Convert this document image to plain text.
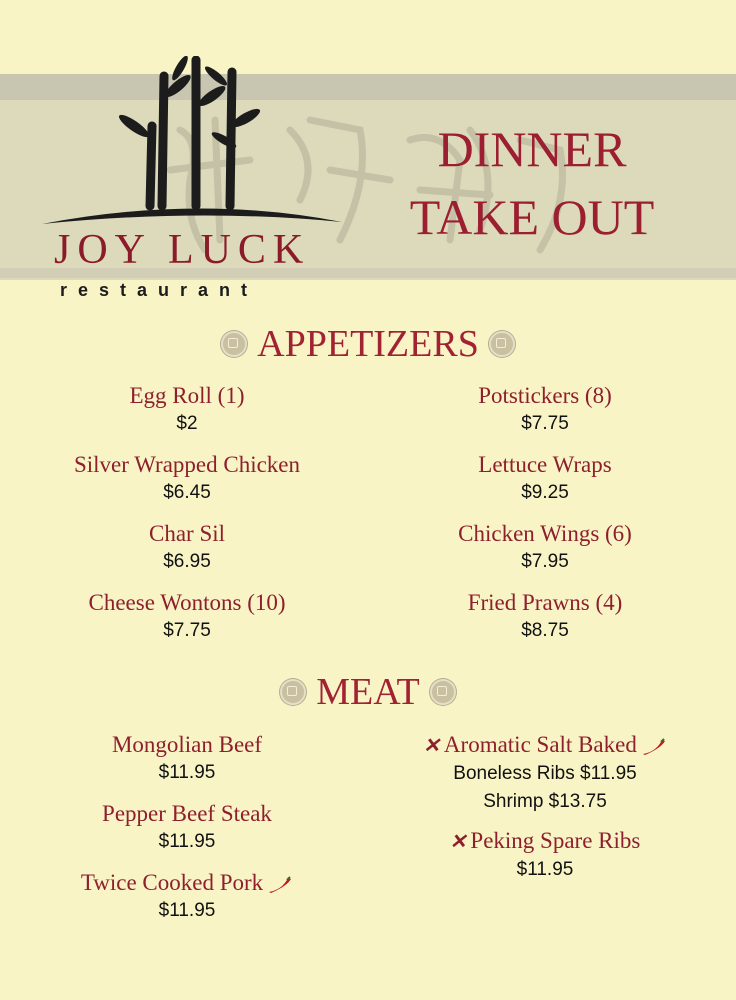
JOY LUCK
restaurant
DINNER
TAKE OUT
APPETIZERS
Egg Roll (1)
$2
Silver Wrapped Chicken
$6.45
Char Sil
$6.95
Cheese Wontons (10)
$7.75
Potstickers (8)
$7.75
Lettuce Wraps
$9.25
Chicken Wings (6)
$7.95
Fried Prawns (4)
$8.75
MEAT
Mongolian Beef
$11.95
Pepper Beef Steak
$11.95
Twice Cooked Pork
$11.95
✕ Aromatic Salt Baked
Boneless Ribs $11.95
Shrimp $13.75
✕ Peking Spare Ribs
$11.95
